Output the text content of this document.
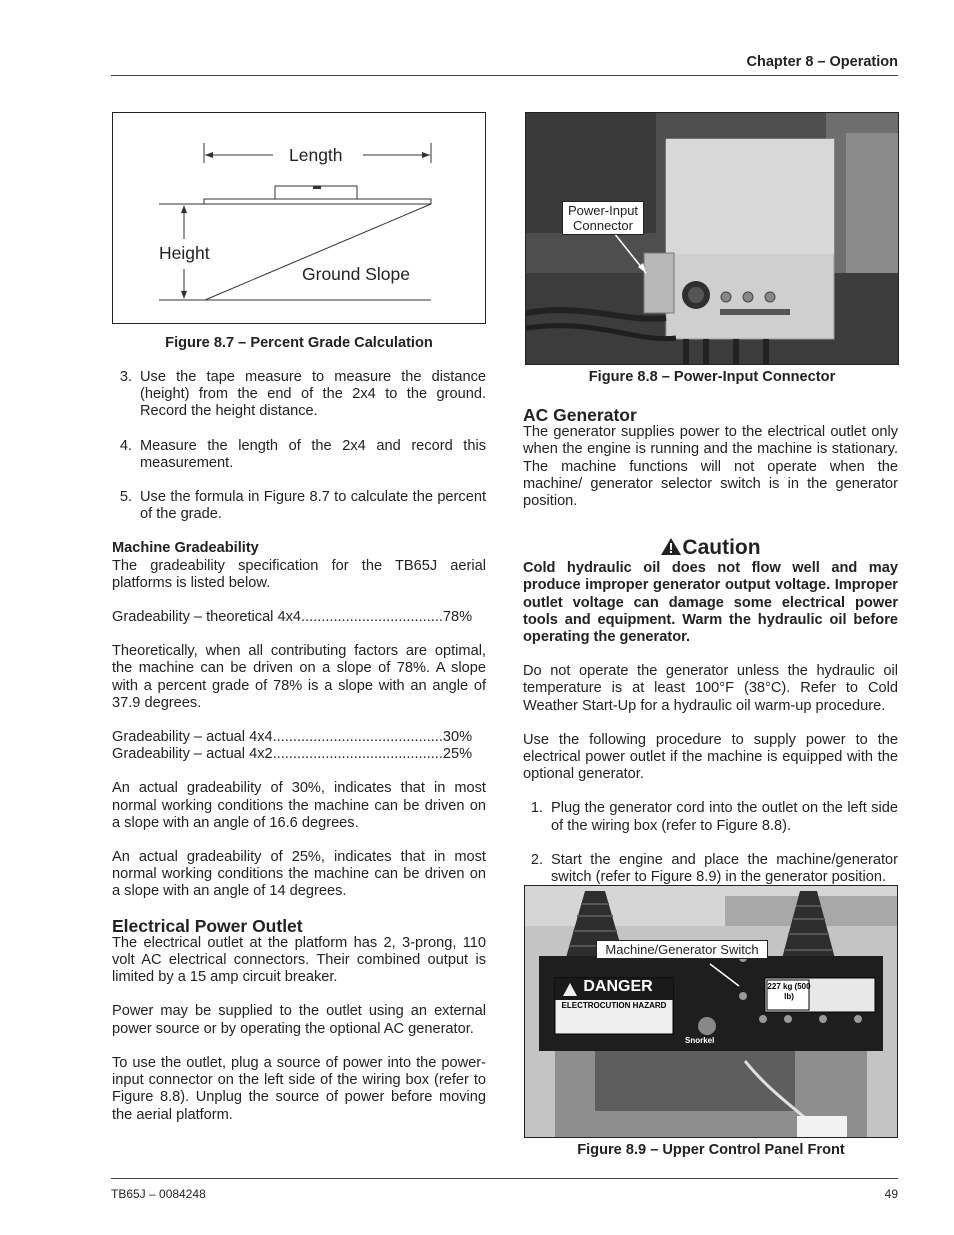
Chapter 8 – Operation
Length
Height
Ground Slope
Figure 8.7 – Percent Grade Calculation
3. Use the tape measure to measure the distance (height) from the end of the 2x4 to the ground. Record the height distance.
4. Measure the length of the 2x4 and record this measurement.
5. Use the formula in Figure 8.7 to calculate the percent of the grade.
Machine Gradeability
The gradeability specification for the TB65J aerial platforms is listed below.
Gradeability – theoretical 4x4...................................78%
Theoretically, when all contributing factors are optimal, the machine can be driven on a slope of 78%. A slope with a percent grade of 78% is a slope with an angle of 37.9 degrees.
Gradeability – actual 4x4..........................................30%
Gradeability – actual 4x2..........................................25%
An actual gradeability of 30%, indicates that in most normal working conditions the machine can be driven on a slope with an angle of 16.6 degrees.
An actual gradeability of 25%, indicates that in most normal working conditions the machine can be driven on a slope with an angle of 14 degrees.
Electrical Power Outlet
The electrical outlet at the platform has 2, 3-prong, 110 volt AC electrical connectors. Their combined output is limited by a 15 amp circuit breaker.
Power may be supplied to the outlet using an external power source or by operating the optional AC generator.
To use the outlet, plug a source of power into the power-input connector on the left side of the wiring box (refer to Figure 8.8). Unplug the source of power before moving the aerial platform.
Power-Input Connector
Figure 8.8 – Power-Input Connector
AC Generator
The generator supplies power to the electrical outlet only when the engine is running and the machine is stationary. The machine functions will not operate when the machine/ generator selector switch is in the generator position.
Caution
Cold hydraulic oil does not flow well and may produce improper generator output voltage. Improper outlet voltage can damage some electrical power tools and equipment. Warm the hydraulic oil before operating the generator.
Do not operate the generator unless the hydraulic oil temperature is at least 100°F (38°C). Refer to Cold Weather Start-Up for a hydraulic oil warm-up procedure.
Use the following procedure to supply power to the electrical power outlet if the machine is equipped with the optional generator.
1. Plug the generator cord into the outlet on the left side of the wiring box (refer to Figure 8.8).
2. Start the engine and place the machine/generator switch (refer to Figure 8.9) in the generator position.
DANGER
ELECTROCUTION HAZARD
227 kg (500 lb)
Snorkel
Machine/Generator Switch
Figure 8.9 – Upper Control Panel Front
TB65J – 0084248	49
